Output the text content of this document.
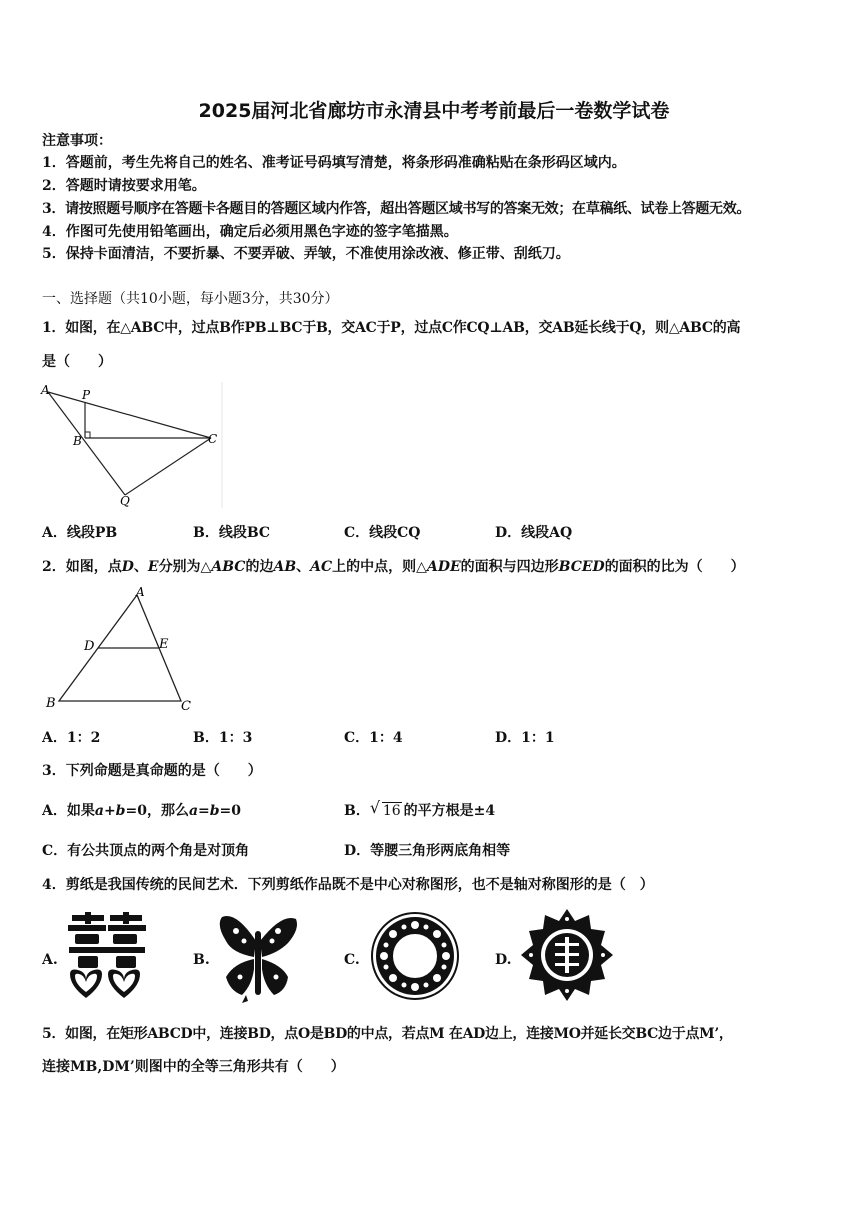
2025届河北省廊坊市永清县中考考前最后一卷数学试卷
注意事项：
1．答题前，考生先将自己的姓名、准考证号码填写清楚，将条形码准确粘贴在条形码区域内。
2．答题时请按要求用笔。
3．请按照题号顺序在答题卡各题目的答题区域内作答，超出答题区域书写的答案无效；在草稿纸、试卷上答题无效。
4．作图可先使用铅笔画出，确定后必须用黑色字迹的签字笔描黑。
5．保持卡面清洁，不要折暴、不要弄破、弄皱，不准使用涂改液、修正带、刮纸刀。
一、选择题（共10小题，每小题3分，共30分）
1．如图，在△ABC中，过点B作PB⊥BC于B，交AC于P，过点C作CQ⊥AB，交AB延长线于Q，则△ABC的高
是（　　）
A	P
B	C
Q
A．线段PB	B．线段BC	C．线段CQ	D．线段AQ
2．如图，点D、E分别为△ABC的边AB、AC上的中点，则△ADE的面积与四边形BCED的面积的比为（　　）
A
D	E
B	C
A．1：2	B．1：3	C．1：4	D．1：1
3．下列命题是真命题的是（　　）
A．如果a+b=0，那么a=b=0	B． √ 16 的平方根是±4
C．有公共顶点的两个角是对顶角	D．等腰三角形两底角相等
4．剪纸是我国传统的民间艺术．下列剪纸作品既不是中心对称图形，也不是轴对称图形的是（　）
A.	B.	C.	D.
5．如图，在矩形ABCD中，连接BD，点O是BD的中点，若点M 在AD边上，连接MO并延长交BC边于点M’，
连接MB,DM’则图中的全等三角形共有（　　）
